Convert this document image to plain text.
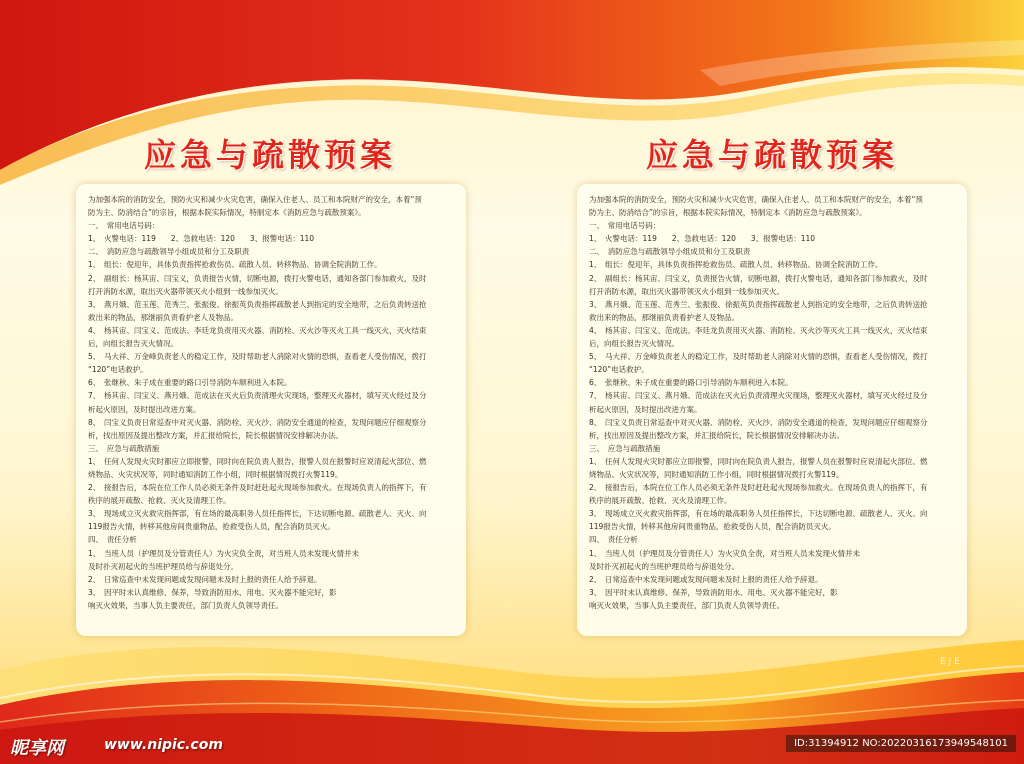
应急与疏散预案

为加强本院的消防安全，预防火灾和减少火灾危害，确保入住老人、员工和本院财产的安全，本着“预

防为主、防消结合”的宗旨，根据本院实际情况，特制定本《消防应急与疏散预案》。

一、　常用电话号码：

1、　火警电话：119　　2、急救电话：120　　3、报警电话：110

二、　消防应急与疏散领导小组成员和分工及职责

1、　组长：倪迎年，具体负责指挥抢救伤员、疏散人员、转移物品、协调全院消防工作。

2、　副组长：杨其宙、闫宝义，负责报告火情，切断电源，拨打火警电话，通知各部门参加救火，及时

打开消防水源，取出灭火器带领灭火小组到一线参加灭火。

3、　燕月娥、范玉莲、范秀兰、张振俊、徐振英负责指挥疏散老人到指定的安全地带，之后负责转送抢

救出来的物品，那继丽负责看护老人及物品。

4、　杨其宙、闫宝义、范成法、李廷龙负责用灭火器、消防栓、灭火沙等灭火工具一线灭火，灭火结束

后，向组长报告灭火情况。

5、　马大祥、万金峰负责老人的稳定工作，及时帮助老人消除对火情的恐惧，查看老人受伤情况，拨打

“120”电话救护。

6、　张继秋、朱子成在重要的路口引导消防车顺利进入本院。

7、　杨其宙、闫宝义、燕月娥、范成法在灭火后负责清理火灾现场，整理灭火器材，填写灭火经过及分

析起火原因，及时提出改进方案。

8、　闫宝义负责日常巡查中对灭火器、消防栓、灭火沙、消防安全通道的检查，发现问题应仔细观察分

析，找出原因及提出整改方案，并汇报给院长，院长根据情况安排解决办法。

三、　应急与疏散措施

1、　任何人发现火灾时都应立即报警，同时向在院负责人报告，报警人员在报警时应说清起火部位、燃

烧物品、火灾状况等，同时通知消防工作小组，同时根据情况拨打火警119。

2、　接报告后，本院在位工作人员必须无条件及时赶赴起火现场参加救火。在现场负责人的指挥下，有

秩序的展开疏散、抢救、灭火及清理工作。

3、　现场成立灭火救灾指挥部，有在场的最高职务人员任指挥长，下达切断电源、疏散老人、灭火、向

119报告火情，转移其他房间贵重物品，抢救受伤人员，配合消防员灭火。

四、　责任分析

1、　当班人员（护理员及分管责任人）为火灾负全责，对当班人员未发现火情并未

及时扑灭初起火的当班护理员给与辞退处分。

2、　日常巡查中未发现问题或发现问题未及时上报的责任人给予辞退。

3、　因平时未认真维修、保养，导致消防用水、用电、灭火器不能完好，影

响灭火效果，当事人负主要责任，部门负责人负领导责任。

应急与疏散预案

为加强本院的消防安全，预防火灾和减少火灾危害，确保入住老人、员工和本院财产的安全，本着“预

防为主、防消结合”的宗旨，根据本院实际情况，特制定本《消防应急与疏散预案》。

一、　常用电话号码：

1、　火警电话：119　　2、急救电话：120　　3、报警电话：110

二、　消防应急与疏散领导小组成员和分工及职责

1、　组长：倪迎年，具体负责指挥抢救伤员、疏散人员、转移物品、协调全院消防工作。

2、　副组长：杨其宙、闫宝义，负责报告火情，切断电源，拨打火警电话，通知各部门参加救火，及时

打开消防水源，取出灭火器带领灭火小组到一线参加灭火。

3、　燕月娥、范玉莲、范秀兰、张振俊、徐振英负责指挥疏散老人到指定的安全地带，之后负责转送抢

救出来的物品，那继丽负责看护老人及物品。

4、　杨其宙、闫宝义、范成法、李廷龙负责用灭火器、消防栓、灭火沙等灭火工具一线灭火，灭火结束

后，向组长报告灭火情况。

5、　马大祥、万金峰负责老人的稳定工作，及时帮助老人消除对火情的恐惧，查看老人受伤情况，拨打

“120”电话救护。

6、　张继秋、朱子成在重要的路口引导消防车顺利进入本院。

7、　杨其宙、闫宝义、燕月娥、范成法在灭火后负责清理火灾现场，整理灭火器材，填写灭火经过及分

析起火原因，及时提出改进方案。

8、　闫宝义负责日常巡查中对灭火器、消防栓、灭火沙、消防安全通道的检查，发现问题应仔细观察分

析，找出原因及提出整改方案，并汇报给院长，院长根据情况安排解决办法。

三、　应急与疏散措施

1、　任何人发现火灾时都应立即报警，同时向在院负责人报告，报警人员在报警时应说清起火部位、燃

烧物品、火灾状况等，同时通知消防工作小组，同时根据情况拨打火警119。

2、　接报告后，本院在位工作人员必须无条件及时赶赴起火现场参加救火。在现场负责人的指挥下，有

秩序的展开疏散、抢救、灭火及清理工作。

3、　现场成立灭火救灾指挥部，有在场的最高职务人员任指挥长，下达切断电源、疏散老人、灭火、向

119报告火情，转移其他房间贵重物品，抢救受伤人员，配合消防员灭火。

四、　责任分析

1、　当班人员（护理员及分管责任人）为火灾负全责，对当班人员未发现火情并未

及时扑灭初起火的当班护理员给与辞退处分。

2、　日常巡查中未发现问题或发现问题未及时上报的责任人给予辞退。

3、　因平时未认真维修、保养，导致消防用水、用电、灭火器不能完好，影

响灭火效果，当事人负主要责任，部门负责人负领导责任。

E J E
昵享网	www.nipic.com	ID:31394912 NO:20220316173949548101
